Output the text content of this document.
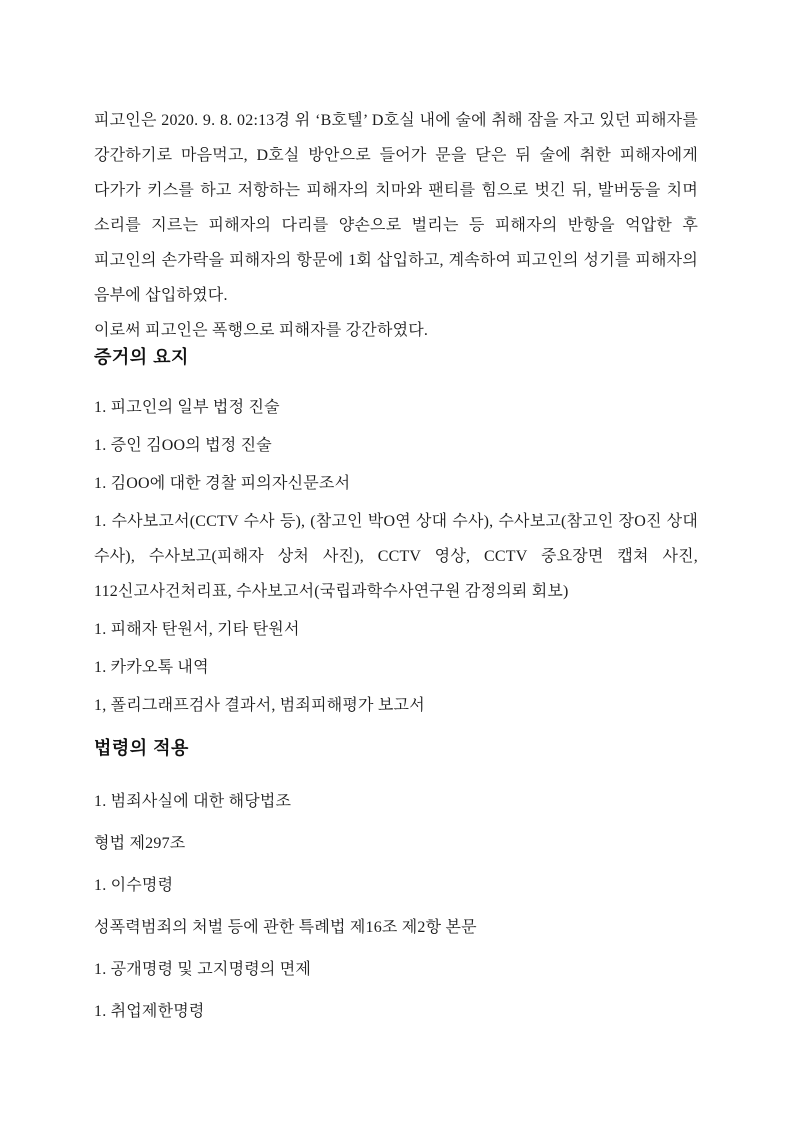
피고인은 2020. 9. 8. 02:13경 위 ‘B호텔’ D호실 내에 술에 취해 잠을 자고 있던 피해자를 강간하기로 마음먹고, D호실 방안으로 들어가 문을 닫은 뒤 술에 취한 피해자에게 다가가 키스를 하고 저항하는 피해자의 치마와 팬티를 힘으로 벗긴 뒤, 발버둥을 치며 소리를 지르는 피해자의 다리를 양손으로 벌리는 등 피해자의 반항을 억압한 후 피고인의 손가락을 피해자의 항문에 1회 삽입하고, 계속하여 피고인의 성기를 피해자의 음부에 삽입하였다.

이로써 피고인은 폭행으로 피해자를 강간하였다.

증거의 요지

1. 피고인의 일부 법정 진술

1. 증인 김OO의 법정 진술

1. 김OO에 대한 경찰 피의자신문조서

1. 수사보고서(CCTV 수사 등), (참고인 박O연 상대 수사), 수사보고(참고인 장O진 상대 수사), 수사보고(피해자 상처 사진), CCTV 영상, CCTV 중요장면 캡쳐 사진, 112신고사건처리표, 수사보고서(국립과학수사연구원 감정의뢰 회보)

1. 피해자 탄원서, 기타 탄원서

1. 카카오톡 내역

1, 폴리그래프검사 결과서, 범죄피해평가 보고서

법령의 적용

1. 범죄사실에 대한 해당법조

형법 제297조

1. 이수명령

성폭력범죄의 처벌 등에 관한 특례법 제16조 제2항 본문

1. 공개명령 및 고지명령의 면제

1. 취업제한명령
